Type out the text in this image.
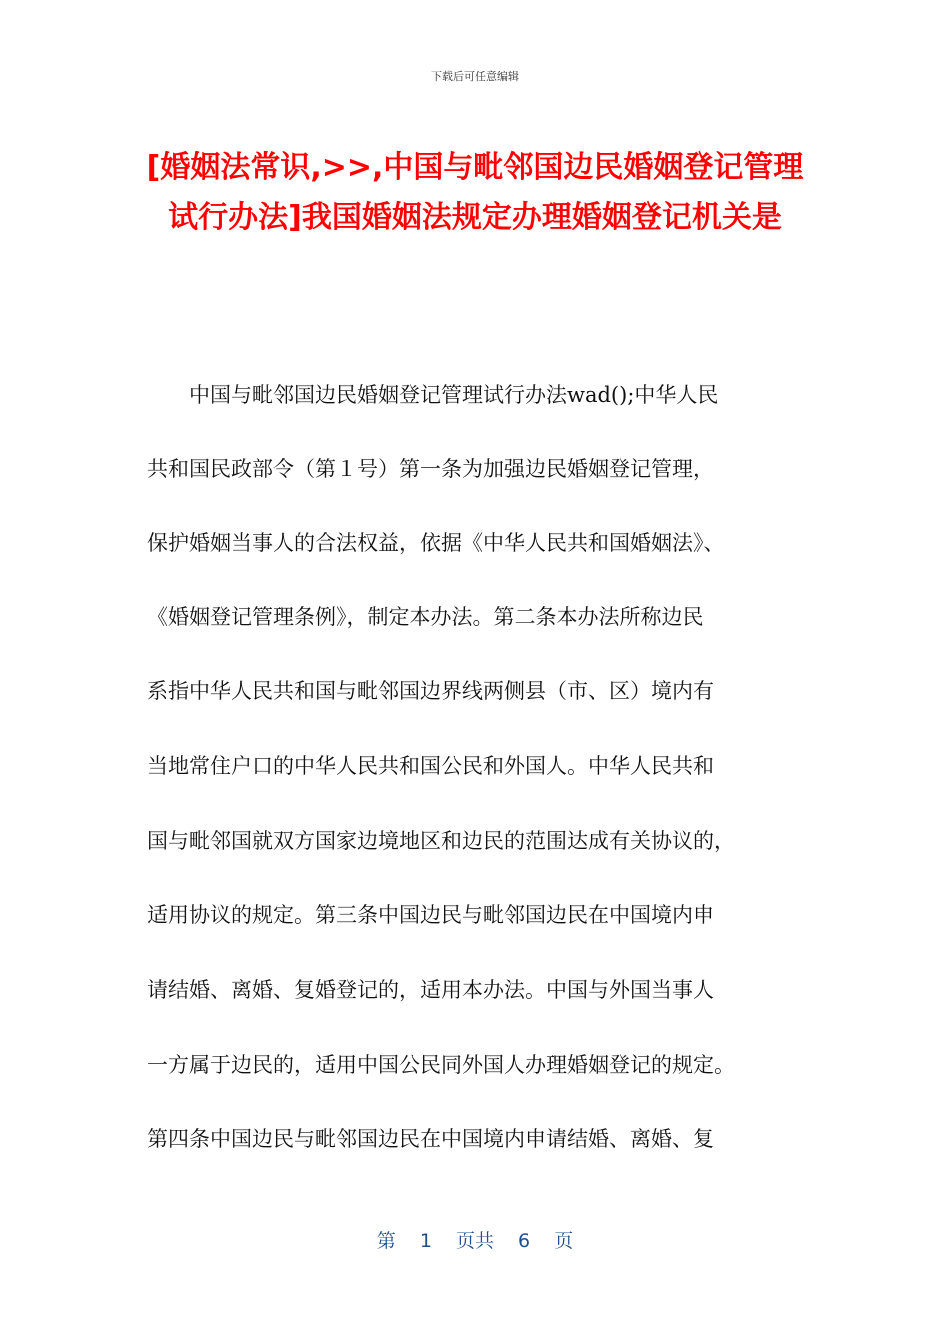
下载后可任意编辑
[婚姻法常识,>>,中国与毗邻国边民婚姻登记管理试行办法]我国婚姻法规定办理婚姻登记机关是
　　中国与毗邻国边民婚姻登记管理试行办法wad();中华人民
共和国民政部令（第１号）第一条为加强边民婚姻登记管理，
保护婚姻当事人的合法权益，依据《中华人民共和国婚姻法》、
《婚姻登记管理条例》，制定本办法。第二条本办法所称边民
系指中华人民共和国与毗邻国边界线两侧县（市、区）境内有
当地常住户口的中华人民共和国公民和外国人。中华人民共和
国与毗邻国就双方国家边境地区和边民的范围达成有关协议的，
适用协议的规定。第三条中国边民与毗邻国边民在中国境内申
请结婚、离婚、复婚登记的，适用本办法。中国与外国当事人
一方属于边民的，适用中国公民同外国人办理婚姻登记的规定。
第四条中国边民与毗邻国边民在中国境内申请结婚、离婚、复
第 1 页共 6 页
